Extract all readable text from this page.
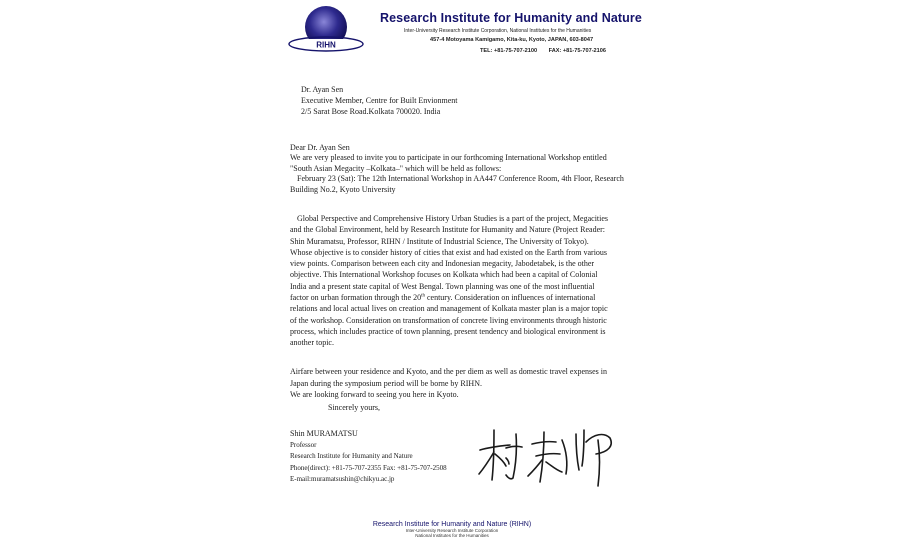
RIHN
Research Institute for Humanity and Nature
Inter-University Research Institute Corporation, National Institutes for the Humanities
457-4 Motoyama Kamigamo, Kita-ku, Kyoto, JAPAN, 603-8047
TEL: +81-75-707-2100 FAX: +81-75-707-2106
Dr. Ayan Sen
Executive Member, Centre for Built Envionment
2/5 Sarat Bose Road.Kolkata 700020. India
Dear Dr. Ayan Sen
We are very pleased to invite you to participate in our forthcoming International Workshop entitled
"South Asian Megacity –Kolkata–" which will be held as follows:
February 23 (Sat): The 12th International Workshop in AA447 Conference Room, 4th Floor, Research
Building No.2, Kyoto University
Global Perspective and Comprehensive History Urban Studies is a part of the project, Megacities
and the Global Environment, held by Research Institute for Humanity and Nature (Project Reader:
Shin Muramatsu, Professor, RIHN / Institute of Industrial Science, The University of Tokyo).
Whose objective is to consider history of cities that exist and had existed on the Earth from various
view points. Comparison between each city and Indonesian megacity, Jabodetabek, is the other
objective. This International Workshop focuses on Kolkata which had been a capital of Colonial
India and a present state capital of West Bengal. Town planning was one of the most influential
factor on urban formation through the 20th century. Consideration on influences of international
relations and local actual lives on creation and management of Kolkata master plan is a major topic
of the workshop. Consideration on transformation of concrete living environments through historic
process, which includes practice of town planning, present tendency and biological environment is
another topic.
Airfare between your residence and Kyoto, and the per diem as well as domestic travel expenses in
Japan during the symposium period will be borne by RIHN.
We are looking forward to seeing you here in Kyoto.
Sincerely yours,
Shin MURAMATSU
Professor
Research Institute for Humanity and Nature
Phone(direct): +81-75-707-2355 Fax: +81-75-707-2508
E-mail:muramatsushin@chikyu.ac.jp
Research Institute for Humanity and Nature (RIHN)
Inter-University Research Institute Corporation
National Institutes for the Humanities
